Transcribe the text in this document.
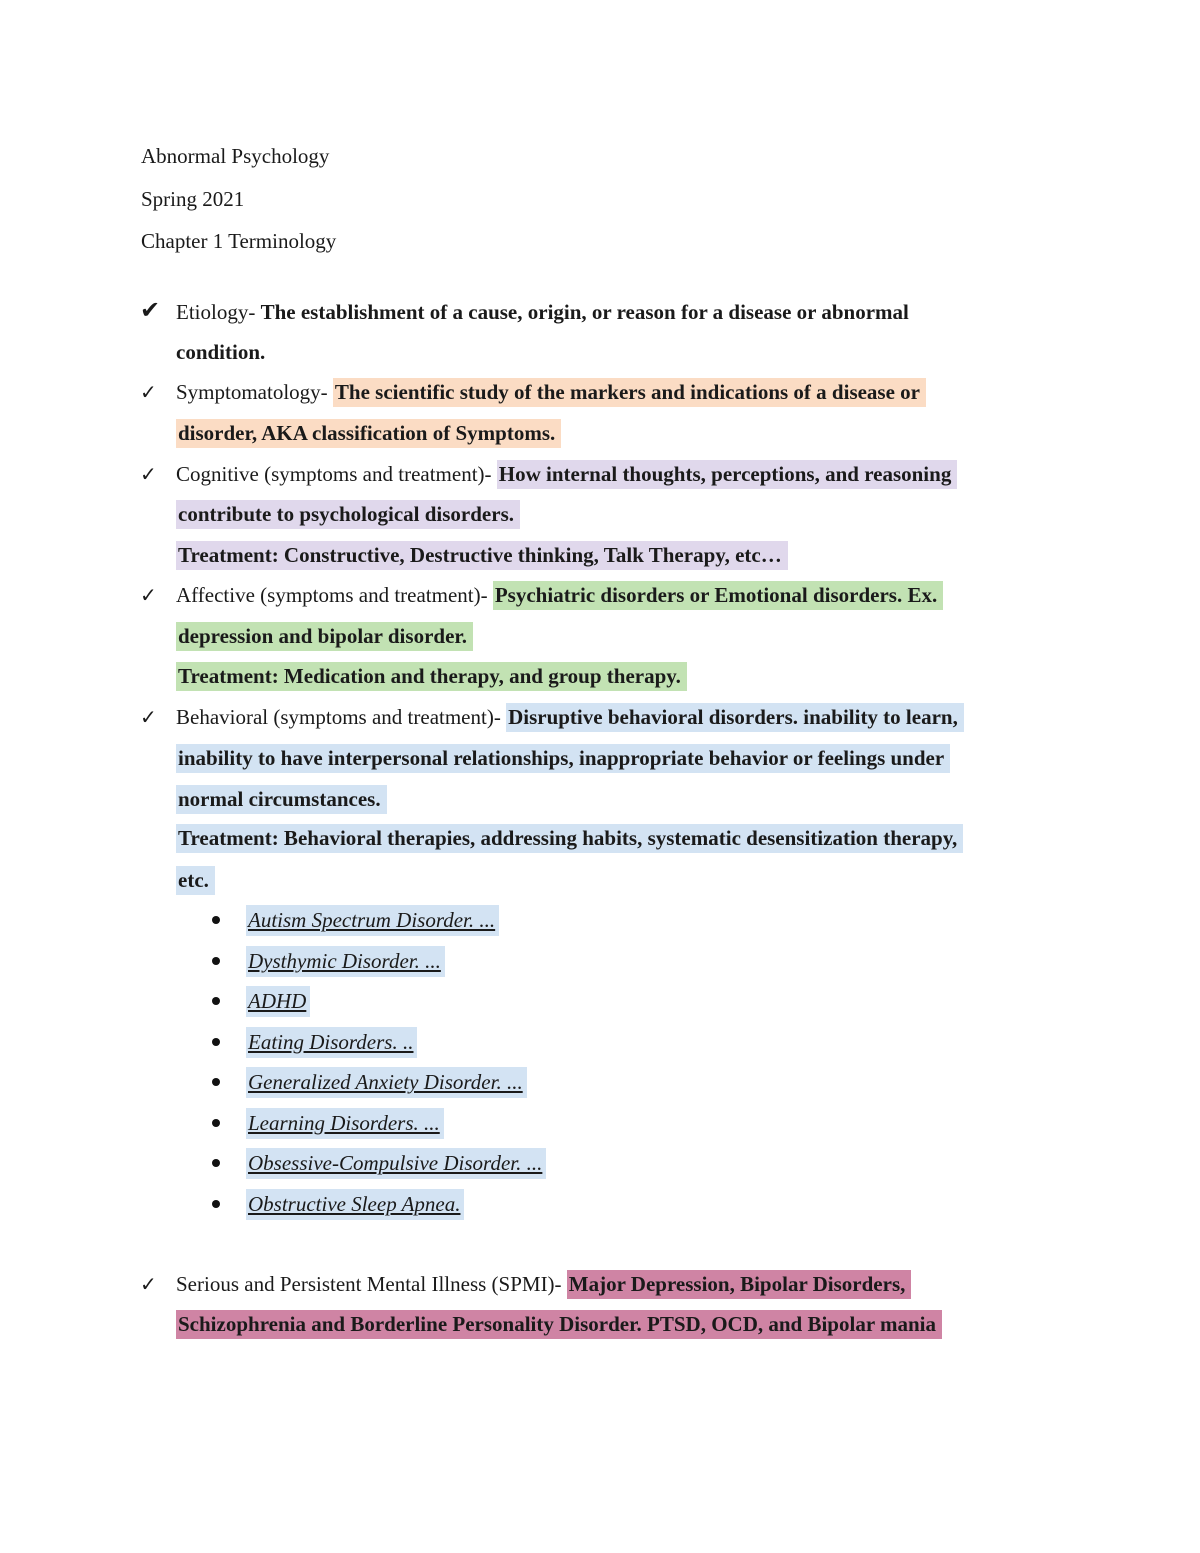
Abnormal Psychology
Spring 2021
Chapter 1 Terminology
✔ Etiology- The establishment of a cause, origin, or reason for a disease or abnormal
condition.
✓ Symptomatology- The scientific study of the markers and indications of a disease or
disorder, AKA classification of Symptoms.
✓ Cognitive (symptoms and treatment)- How internal thoughts, perceptions, and reasoning
contribute to psychological disorders.
Treatment: Constructive, Destructive thinking, Talk Therapy, etc…
✓ Affective (symptoms and treatment)- Psychiatric disorders or Emotional disorders. Ex.
depression and bipolar disorder.
Treatment: Medication and therapy, and group therapy.
✓ Behavioral (symptoms and treatment)- Disruptive behavioral disorders. inability to learn,
inability to have interpersonal relationships, inappropriate behavior or feelings under
normal circumstances.
Treatment: Behavioral therapies, addressing habits, systematic desensitization therapy,
etc.
Autism Spectrum Disorder. ...
Dysthymic Disorder. ...
ADHD
Eating Disorders. ..
Generalized Anxiety Disorder. ...
Learning Disorders. ...
Obsessive-Compulsive Disorder. ...
Obstructive Sleep Apnea.
✓ Serious and Persistent Mental Illness (SPMI)- Major Depression, Bipolar Disorders,
Schizophrenia and Borderline Personality Disorder. PTSD, OCD, and Bipolar mania
